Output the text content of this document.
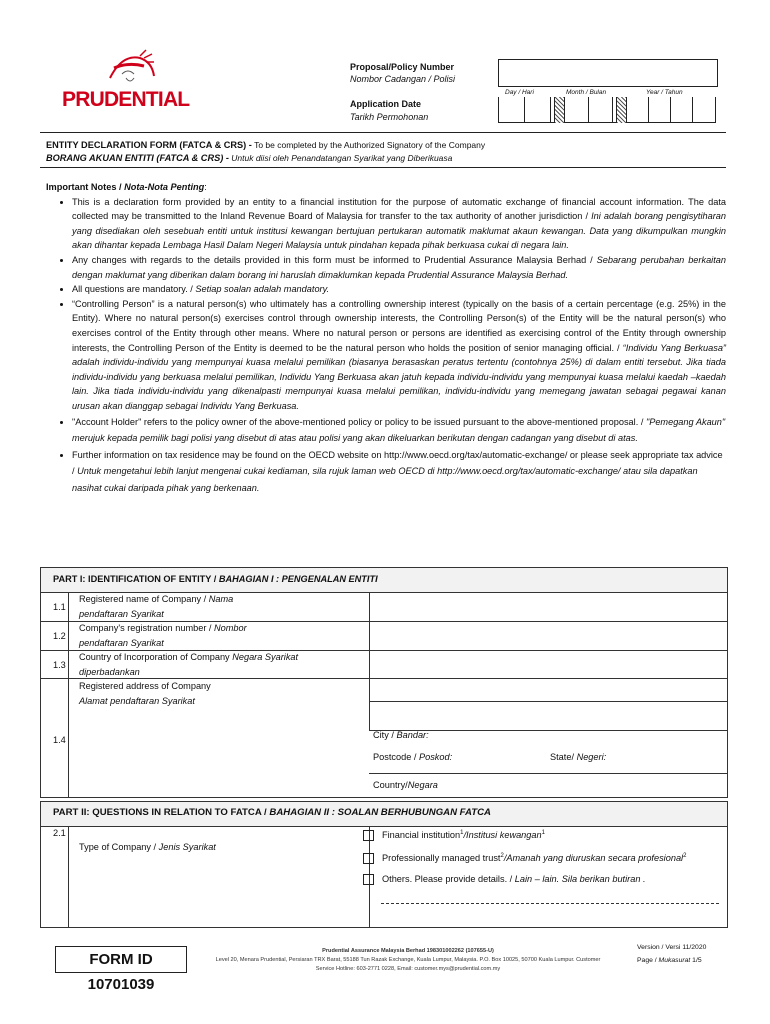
PRUDENTIAL
Proposal/Policy Number
Nombor Cadangan / Polisi
Day / Hari	Month / Bulan	Year / Tahun
Application Date
Tarikh Permohonan
ENTITY DECLARATION FORM (FATCA & CRS) - To be completed by the Authorized Signatory of the Company
BORANG AKUAN ENTITI (FATCA & CRS) - Untuk diisi oleh Penandatangan Syarikat yang Diberikuasa

Important Notes / Nota-Nota Penting:

• This is a declaration form provided by an entity to a financial institution for the purpose of automatic exchange of financial account information. The data collected may be transmitted to the Inland Revenue Board of Malaysia for transfer to the tax authority of another jurisdiction / Ini adalah borang pengisytiharan yang disediakan oleh sesebuah entiti untuk institusi kewangan bertujuan pertukaran automatik maklumat akaun kewangan. Data yang dikumpulkan mungkin akan dihantar kepada Lembaga Hasil Dalam Negeri Malaysia untuk pindahan kepada pihak berkuasa cukai di negara lain.
• Any changes with regards to the details provided in this form must be informed to Prudential Assurance Malaysia Berhad / Sebarang perubahan berkaitan dengan maklumat yang diberikan dalam borang ini haruslah dimaklumkan kepada Prudential Assurance Malaysia Berhad.
• All questions are mandatory. / Setiap soalan adalah mandatory.
• “Controlling Person” is a natural person(s) who ultimately has a controlling ownership interest (typically on the basis of a certain percentage (e.g. 25%) in the Entity). Where no natural person(s) exercises control through ownership interests, the Controlling Person(s) of the Entity will be the natural person(s) who exercises control of the Entity through other means. Where no natural person or persons are identified as exercising control of the Entity through ownership interests, the Controlling Person of the Entity is deemed to be the natural person who holds the position of senior managing official. / “Individu Yang Berkuasa” adalah individu-individu yang mempunyai kuasa melalui pemilikan (biasanya berasaskan peratus tertentu (contohnya 25%) di dalam entiti tersebut. Jika tiada individu-individu yang berkuasa melalui pemilikan, Individu Yang Berkuasa akan jatuh kepada individu-individu yang mempunyai kuasa melalui kaedah –kaedah lain. Jika tiada individu-individu yang dikenalpasti mempunyai kuasa melalui pemilikan, individu-individu yang memegang jawatan sebagai pegawai kanan urusan akan dianggap sebagai Individu Yang Berkuasa.
• "Account Holder" refers to the policy owner of the above-mentioned policy or policy to be issued pursuant to the above-mentioned proposal. / "Pemegang Akaun" merujuk kepada pemilik bagi polisi yang disebut di atas atau polisi yang akan dikeluarkan berikutan dengan cadangan yang disebut di atas.
• Further information on tax residence may be found on the OECD website on http://www.oecd.org/tax/automatic-exchange/ or please seek appropriate tax advice / Untuk mengetahui lebih lanjut mengenai cukai kediaman, sila rujuk laman web OECD di http://www.oecd.org/tax/automatic-exchange/ atau sila dapatkan nasihat cukai daripada pihak yang berkenaan.
PART I: IDENTIFICATION OF ENTITY / BAHAGIAN I : PENGENALAN ENTITI
1.1
Registered name of Company / Nama pendaftaran Syarikat
1.2
Company's registration number / Nombor pendaftaran Syarikat
1.3
Country of Incorporation of Company Negara Syarikat diperbadankan
1.4
Registered address of Company Alamat pendaftaran Syarikat
City / Bandar:
Postcode / Poskod:	State/ Negeri:
Country/Negara
PART II: QUESTIONS IN RELATION TO FATCA / BAHAGIAN II : SOALAN BERHUBUNGAN FATCA
2.1
Type of Company / Jenis Syarikat
Financial institution$^1$/Institusi kewangan$^1$
Professionally managed trust$^2$/Amanah yang diuruskan secara profesional$^2$
Others. Please provide details. / Lain – lain. Sila berikan butiran .
FORM ID 10701039
Prudential Assurance Malaysia Berhad 198301002262 (107655-U)
Level 20, Menara Prudential, Persiaran TRX Barat, 55188 Tun Razak Exchange, Kuala Lumpur, Malaysia. P.O. Box 10025, 50700 Kuala Lumpur. Customer Service Hotline: 603-2771 0228, Email: customer.mys@prudential.com.my
Version / Versi 11/2020
Page / Mukasurat 1/5
